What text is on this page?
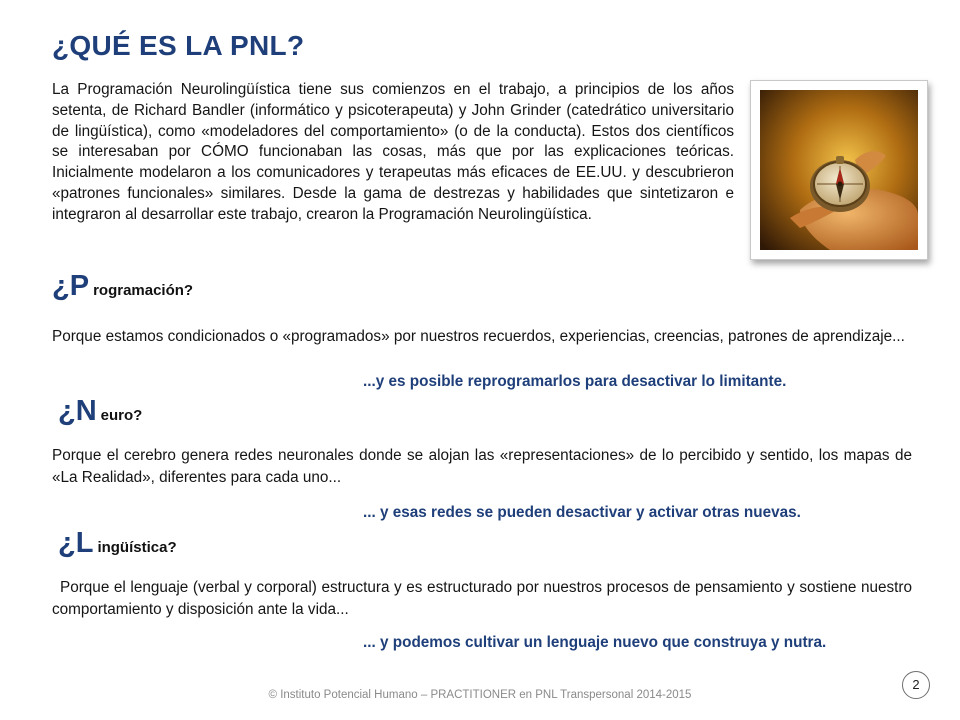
¿QUÉ ES LA PNL?
La Programación Neurolingüística tiene sus comienzos en el trabajo, a principios de los años setenta, de Richard Bandler (informático y psicoterapeuta) y John Grinder (catedrático universitario de lingüística), como «modeladores del comportamiento» (o de la conducta). Estos dos científicos se interesaban por CÓMO funcionaban las cosas, más que por las explicaciones teóricas. Inicialmente modelaron a los comunicadores y terapeutas más eficaces de EE.UU. y descubrieron «patrones funcionales» similares. Desde la gama de destrezas y habilidades que sintetizaron e integraron al desarrollar este trabajo, crearon la Programación Neurolingüística.
¿P rogramación?
Porque estamos condicionados o «programados» por nuestros recuerdos, experiencias, creencias, patrones de aprendizaje...
...y es posible reprogramarlos para desactivar lo limitante.
¿N euro?
Porque el cerebro genera redes neuronales donde se alojan las «representaciones» de lo percibido y sentido, los mapas de «La Realidad», diferentes para cada uno...
... y esas redes se pueden desactivar y activar otras nuevas.
¿L ingüística?
Porque el lenguaje (verbal y corporal) estructura y es estructurado por nuestros procesos de pensamiento y sostiene nuestro comportamiento y disposición ante la vida...
... y podemos cultivar un lenguaje nuevo que construya y nutra.
© Instituto Potencial Humano – PRACTITIONER en PNL Transpersonal 2014-2015
2
